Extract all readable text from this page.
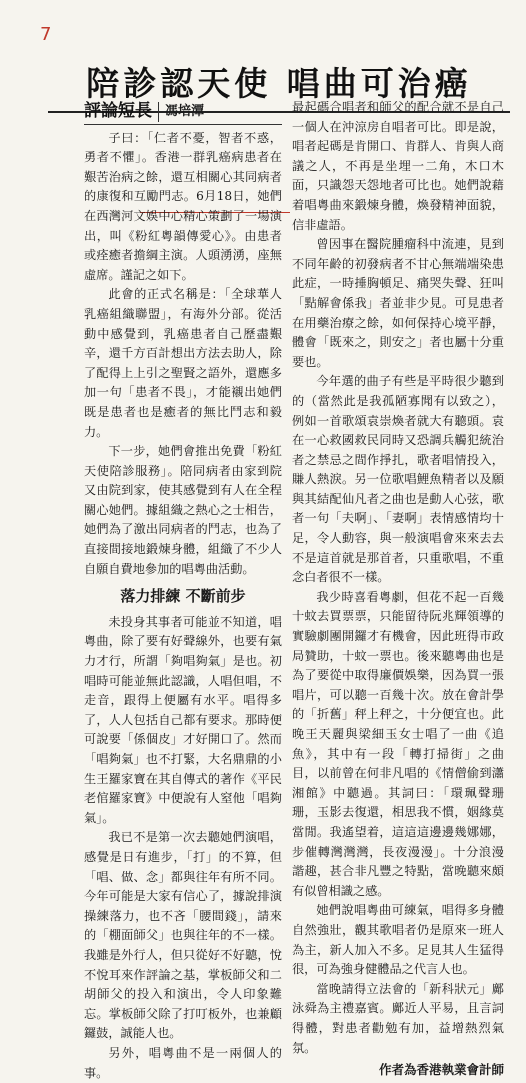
7
陪診認天使 唱曲可治癌
評論短長	馮培潭

子曰：「仁者不憂，智者不惑，勇者不懼」。香港一群乳癌病患者在艱苦治病之餘，還互相關心其同病者的康復和互勵門志。6月18日，她們在西灣河文娛中心精心策劃了一場演出，叫《粉紅粵韻傳愛心》。由患者或痊癒者擔綱主演。人頭湧湧，座無虛席。謹記之如下。

此會的正式名稱是：「全球華人乳癌組織聯盟」，有海外分部。從活動中感覺到，乳癌患者自己歷盡艱辛，還千方百計想出方法去助人，除了配得上上引之聖賢之語外，還應多加一句「患者不畏」，才能襯出她們既是患者也是癒者的無比鬥志和毅力。

下一步，她們會推出免費「粉紅天使陪診服務」。陪同病者由家到院又由院到家，使其感覺到有人在全程關心她們。據組織之熱心之士相告，她們為了激出同病者的鬥志，也為了直接間接地鍛煉身體，組織了不少人自願自費地參加的唱粵曲活動。

落力排練 不斷前步

未投身其事者可能並不知道，唱粵曲，除了要有好聲線外，也要有氣力才行，所謂「夠唱夠氣」是也。初唱時可能並無此認識，人唱但唱，不走音，跟得上便屬有水平。唱得多了，人人包括自己都有要求。那時便可說要「係個皮」才好開口了。然而「唱夠氣」也不打緊，大名鼎鼎的小生王羅家寶在其自傳式的著作《平民老倌羅家寶》中便說有人窒他「唱夠氣」。

我已不是第一次去聽她們演唱，感覺是日有進步，「打」的不算，但「唱、做、念」都與往年有所不同。今年可能是大家有信心了，據說排演操練落力，也不吝「腰間錢」，請來的「棚面師父」也與往年的不一樣。我雖是外行人，但只從好不好聽，悅不悅耳來作評論之基，掌板師父和二胡師父的投入和演出，令人印象難忘。掌板師父除了打叮板外，也兼顧鑼鼓，誠能人也。

另外，唱粵曲不是一兩個人的事。

最起碼合唱者和師父的配合就不是自己一個人在沖涼房自唱者可比。即是說，唱者起碼是肯開口、肯群人、肯與人商議之人，不再是坐埋一二角，木口木面，只識怨天怨地者可比也。她們說藉着唱粵曲來鍛煉身體，煥發精神面貌，信非虛語。

曾因事在醫院腫瘤科中流連，見到不同年齡的初發病者不甘心無端端染患此症，一時捶胸頓足、痛哭失聲、狂叫「點解會係我」者並非少見。可見患者在用藥治療之餘，如何保持心境平靜，體會「既來之，則安之」者也屬十分重要也。

今年選的曲子有些是平時很少聽到的（當然此是我孤陋寡聞有以致之），例如一首歌頌袁崇煥者就大有聽頭。袁在一心救國救民同時又恐調兵觸犯統治者之禁忌之間作掙扎，歌者唱情投入，賺人熱淚。另一位歌唱鯉魚精者以及願與其結配仙凡者之曲也是動人心弦，歌者一句「夫啊」、「妻啊」表情感情均十足，令人動容，與一般演唱會來來去去不是這首就是那首者，只重歌唱，不重念白者很不一樣。

我少時喜看粵劇，但花不起一百幾十蚊去買票票，只能留待阮兆輝領導的實驗劇團開鑼才有機會，因此班得市政局贊助，十蚊一票也。後來聽粵曲也是為了要從中取得廉價娛樂，因為買一張唱片，可以聽一百幾十次。放在會計學的「折舊」秤上秤之，十分便宜也。此晚王天麗與梁細玉女士唱了一曲《追魚》，其中有一段「轉打掃街」之曲目，以前曾在何非凡唱的《情僧偷到瀟湘館》中聽過。其詞曰：「環珮聲珊珊，玉影去復還，相思我不慣，姻緣莫當閒。我遙望着，這這這邊邊幾娜娜，步催轉灣灣灣，長夜漫漫」。十分浪漫諧趣，甚合非凡豐之特點，當晚聽來頗有似曾相識之感。

她們說唱粵曲可練氣，唱得多身體自然強壯，觀其歌唱者仍是原來一班人為主，新人加入不多。足見其人生猛得很，可為強身健體品之代言人也。

當晚請得立法會的「新科狀元」鄺泳舜為主禮嘉賓。鄺近人平易，且言詞得體，對患者勸勉有加，益增熱烈氣氛。

作者為香港執業會計師
